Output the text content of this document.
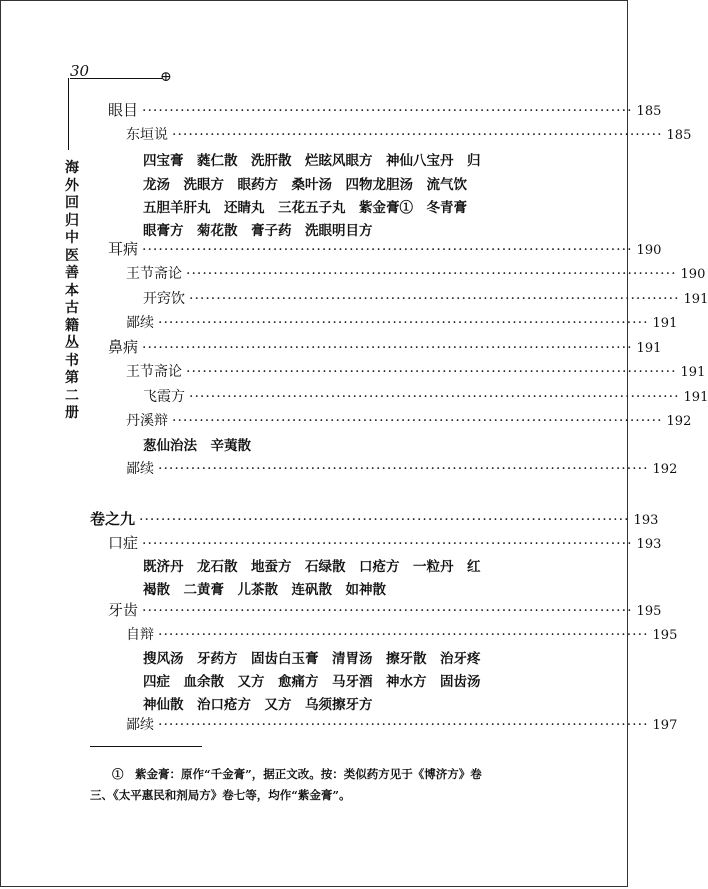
30	⊕
海外回归中医善本古籍丛书第二册
眼目 ·························································································· 185
东垣说 ·························································································· 185
四宝膏　蕤仁散　洗肝散　烂眩风眼方　神仙八宝丹　归
龙汤　洗眼方　眼药方　桑叶汤　四物龙胆汤　流气饮
五胆羊肝丸　还睛丸　三花五子丸　紫金膏①　冬青膏
眼膏方　菊花散　膏子药　洗眼明目方
耳病 ·························································································· 190
王节斋论 ·························································································· 190
开窍饮 ·························································································· 191
鄙续 ·························································································· 191
鼻病 ·························································································· 191
王节斋论 ·························································································· 191
飞霞方 ·························································································· 191
丹溪辩 ·························································································· 192
葱仙治法　辛荑散
鄙续 ·························································································· 192
卷之九 ·························································································· 193
口症 ·························································································· 193
既济丹　龙石散　地蚕方　石绿散　口疮方　一粒丹　红
褐散　二黄膏　儿茶散　连矾散　如神散
牙齿 ·························································································· 195
自辩 ·························································································· 195
搜风汤　牙药方　固齿白玉膏　清胃汤　擦牙散　治牙疼
四症　血余散　又方　愈痛方　马牙酒　神水方　固齿汤
神仙散　治口疮方　又方　乌须擦牙方
鄙续 ·························································································· 197
①　紫金膏：原作“千金膏”，据正文改。按：类似药方见于《博济方》卷
三、《太平惠民和剂局方》卷七等，均作“紫金膏”。
